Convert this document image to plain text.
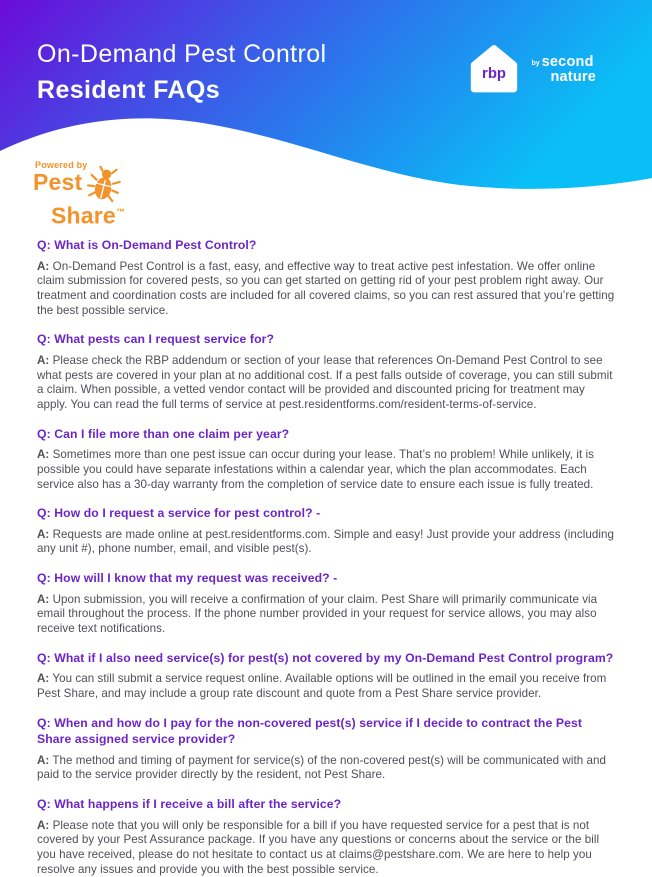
On-Demand Pest Control
Resident FAQs
rbp
by second
nature
Powered by
Pest
Share™
Q: What is On-Demand Pest Control?

A: On-Demand Pest Control is a fast, easy, and effective way to treat active pest infestation. We offer online claim submission for covered pests, so you can get started on getting rid of your pest problem right away. Our treatment and coordination costs are included for all covered claims, so you can rest assured that you’re getting the best possible service.

Q: What pests can I request service for?

A: Please check the RBP addendum or section of your lease that references On-Demand Pest Control to see what pests are covered in your plan at no additional cost. If a pest falls outside of coverage, you can still submit a claim. When possible, a vetted vendor contact will be provided and discounted pricing for treatment may apply. You can read the full terms of service at pest.residentforms.com/resident-terms-of-service.

Q: Can I file more than one claim per year?

A: Sometimes more than one pest issue can occur during your lease. That’s no problem! While unlikely, it is possible you could have separate infestations within a calendar year, which the plan accommodates. Each service also has a 30-day warranty from the completion of service date to ensure each issue is fully treated.

Q: How do I request a service for pest control? -

A: Requests are made online at pest.residentforms.com. Simple and easy! Just provide your address (including any unit #), phone number, email, and visible pest(s).

Q: How will I know that my request was received? -

A: Upon submission, you will receive a confirmation of your claim. Pest Share will primarily communicate via email throughout the process. If the phone number provided in your request for service allows, you may also receive text notifications.

Q: What if I also need service(s) for pest(s) not covered by my On-Demand Pest Control program?

A: You can still submit a service request online. Available options will be outlined in the email you receive from Pest Share, and may include a group rate discount and quote from a Pest Share service provider.

Q: When and how do I pay for the non-covered pest(s) service if I decide to contract the Pest Share assigned service provider?

A: The method and timing of payment for service(s) of the non-covered pest(s) will be communicated with and paid to the service provider directly by the resident, not Pest Share.

Q: What happens if I receive a bill after the service?

A: Please note that you will only be responsible for a bill if you have requested service for a pest that is not covered by your Pest Assurance package. If you have any questions or concerns about the service or the bill you have received, please do not hesitate to contact us at claims@pestshare.com. We are here to help you resolve any issues and provide you with the best possible service.
